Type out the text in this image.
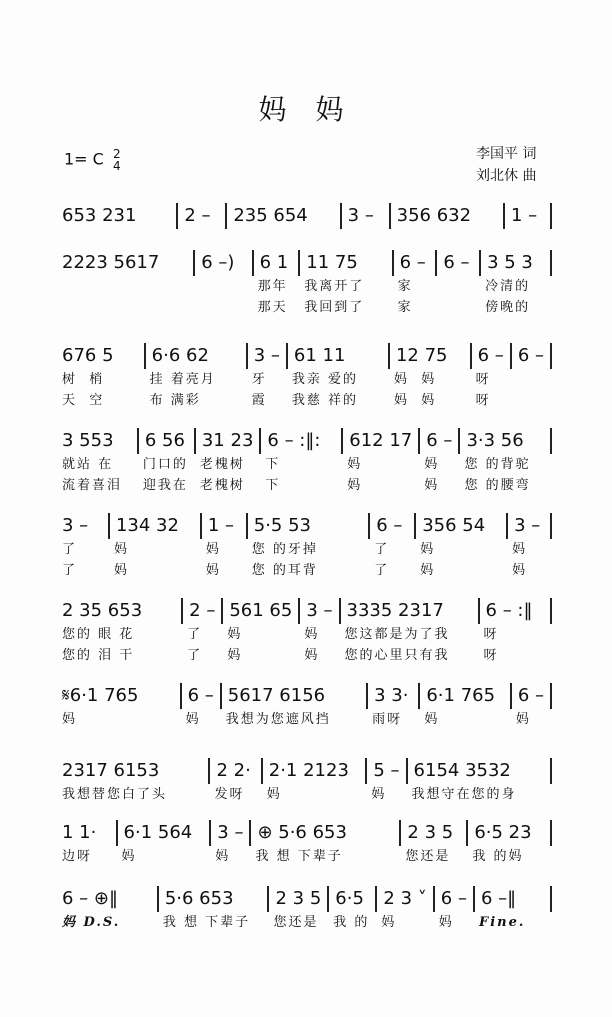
妈 妈
1= C 2
4
李国平 词
刘北休 曲
653 231	2 –	235 654	3 –	356 632	1 –
2223 5617	6 –)	6 1
那年
那天
11 75
我离开了
我回到了
6 –
家
家
6 – 3 5 3
冷清的
傍晚的
676 5
树  梢
天  空
6·6 62
挂 着亮月
布 满彩
3 –
牙
霞
61 11
我亲 爱的
我慈 祥的
12 75
妈  妈
妈  妈
6 –
呀
呀
6 –
3 553
就站 在
流着喜泪
6 56
门口的
迎我在
31 23
老槐树
老槐树
6 – :‖:
下
下
612 17
妈
妈
6 –
妈
妈
3·3 56
您 的背驼
您 的腰弯
3 –
了
了
134 32
妈
妈
1 –
妈
妈
5·5 53
您 的牙掉
您 的耳背
6 –
了
了
356 54
妈
妈
3 –
妈
妈
2 35 653
您的 眼 花
您的 泪 干
2 –
了
了
561 65
妈
妈
3 –
妈
妈
3335 2317
您这都是为了我
您的心里只有我
6 – :‖
呀
呀
𝄋6·1 765
妈
6 –
妈
5617 6156
我想为您遮风挡
3 3·
雨呀
6·1 765
妈
6 –
妈
2317 6153
我想替您白了头
2 2·
发呀
2·1 2123
妈
5 –
妈
6154 3532
我想守在您的身
1 1·
边呀
6·1 564
妈
3 –
妈
⊕ 5·6 653
我 想 下辈子
2 3 5
您还是
6·5 23
我 的妈
6 – ⊕‖
妈 D.S.
5·6 653
我 想 下辈子
2 3 5
您还是
6·5
我 的
2 3 ˅
妈
6 –
妈
6 –‖
Fine.
